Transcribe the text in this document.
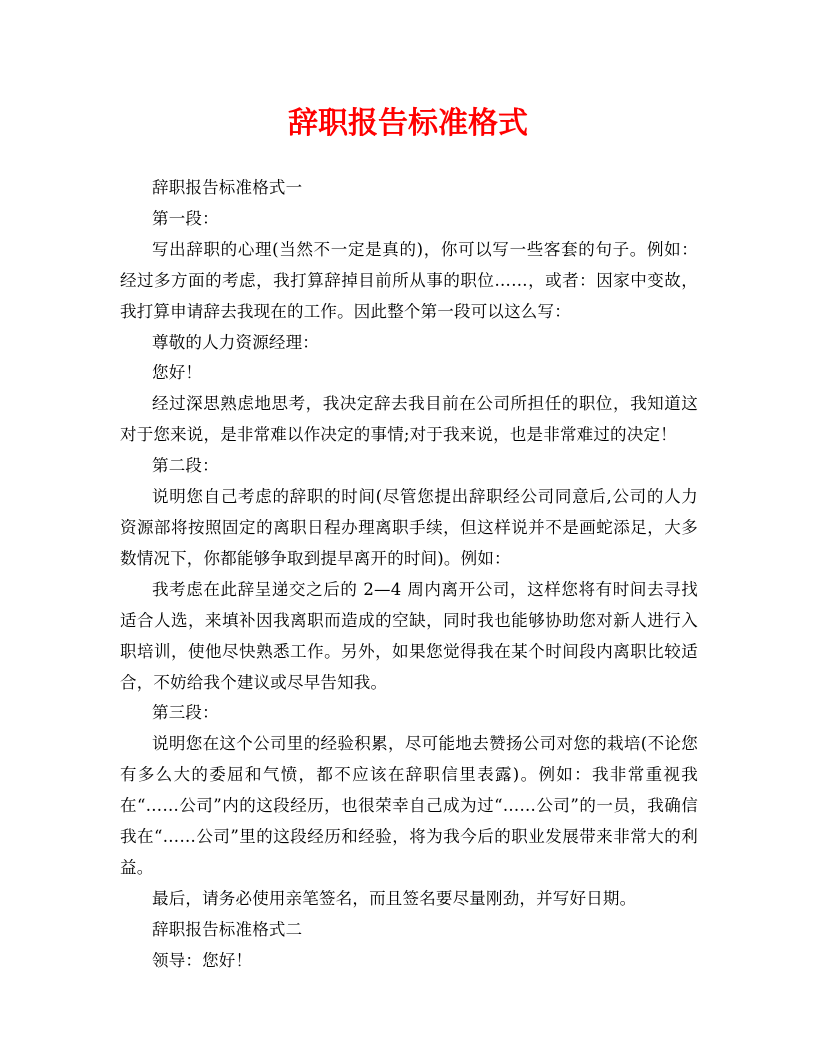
辞职报告标准格式

辞职报告标准格式一

第一段：

写出辞职的心理(当然不一定是真的)，你可以写一些客套的句子。例如：经过多方面的考虑，我打算辞掉目前所从事的职位……，或者：因家中变故，我打算申请辞去我现在的工作。因此整个第一段可以这么写：

尊敬的人力资源经理：

您好！

经过深思熟虑地思考，我决定辞去我目前在公司所担任的职位，我知道这对于您来说，是非常难以作决定的事情;对于我来说，也是非常难过的决定！

第二段：

说明您自己考虑的辞职的时间(尽管您提出辞职经公司同意后,公司的人力资源部将按照固定的离职日程办理离职手续，但这样说并不是画蛇添足，大多数情况下，你都能够争取到提早离开的时间)。例如：

我考虑在此辞呈递交之后的 2—4 周内离开公司，这样您将有时间去寻找适合人选，来填补因我离职而造成的空缺，同时我也能够协助您对新人进行入职培训，使他尽快熟悉工作。另外，如果您觉得我在某个时间段内离职比较适合，不妨给我个建议或尽早告知我。

第三段：

说明您在这个公司里的经验积累，尽可能地去赞扬公司对您的栽培(不论您有多么大的委屈和气愤，都不应该在辞职信里表露)。例如：我非常重视我在“……公司”内的这段经历，也很荣幸自己成为过“……公司”的一员，我确信我在“……公司”里的这段经历和经验，将为我今后的职业发展带来非常大的利益。

最后，请务必使用亲笔签名，而且签名要尽量刚劲，并写好日期。

辞职报告标准格式二

领导：您好！
